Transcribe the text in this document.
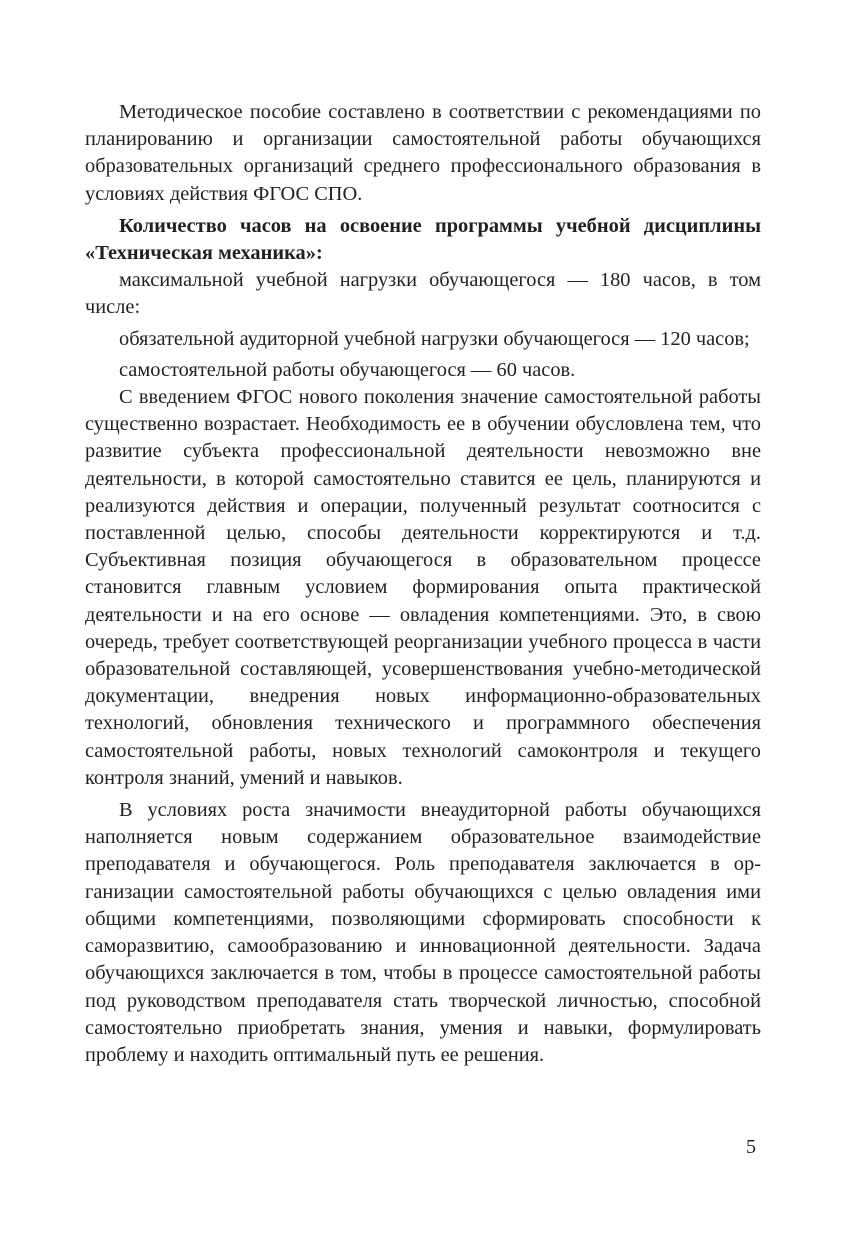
Методическое пособие составлено в соответствии с рекомендациями по планированию и организации самостоятельной работы обучающихся образовательных организаций среднего профессионального образования в условиях действия ФГОС СПО.

Количество часов на освоение программы учебной дисциплины «Техническая механика»:

максимальной учебной нагрузки обучающегося — 180 часов, в том числе:

обязательной аудиторной учебной нагрузки обучающегося — 120 часов;

самостоятельной работы обучающегося — 60 часов.

С введением ФГОС нового поколения значение самостоятельной работы существенно возрастает. Необходимость ее в обучении обусловлена тем, что развитие субъекта профессиональной деятельности невозможно вне деятельности, в которой самостоятельно ставится ее цель, планируются и реализуются действия и операции, полученный результат соотносится с поставленной целью, способы деятельности корректируются и т.д. Субъективная позиция обучающегося в образовательном процессе становится главным условием формирования опыта практической деятельности и на его основе — овладения компетенциями. Это, в свою очередь, требует соответствующей реорганизации учебного процесса в части образовательной составляющей, усовершенствования учебно-методической документации, внедрения новых информационно-образовательных технологий, обновления технического и программного обеспечения самостоятельной работы, новых технологий самоконтроля и текущего контроля знаний, умений и навыков.

В условиях роста значимости внеаудиторной работы обучающихся наполняется новым содержанием образовательное взаимодействие преподавателя и обучающегося. Роль преподавателя заключается в организации самостоятельной работы обучающихся с целью овладения ими общими компетенциями, позволяющими сформировать способности к саморазвитию, самообразованию и инновационной деятельности. Задача обучающихся заключается в том, чтобы в процессе самостоятельной работы под руководством преподавателя стать творческой личностью, способной самостоятельно приобретать знания, умения и навыки, формулировать проблему и находить оптимальный путь ее решения.

5
